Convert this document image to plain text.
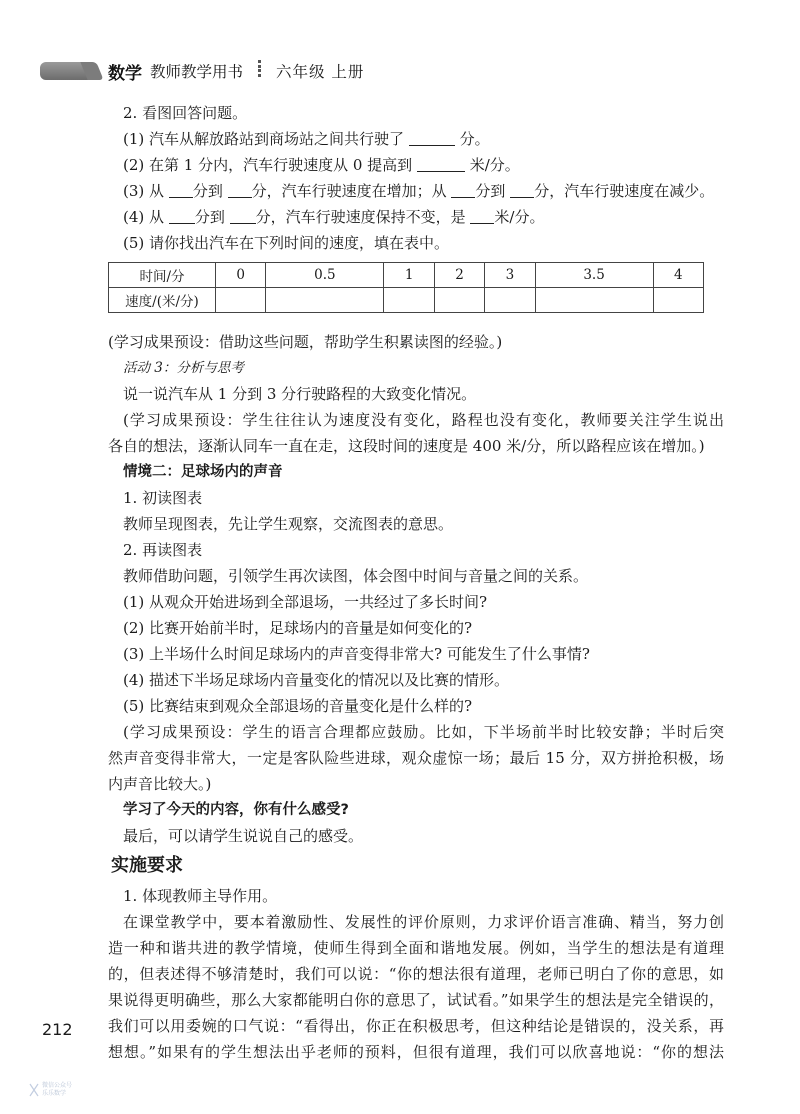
数学 教师教学用书 六年级 上册
2. 看图回答问题。
(1) 汽车从解放路站到商场站之间共行驶了	分。
(2) 在第 1 分内，汽车行驶速度从 0 提高到	米/分。
(3) 从 分到 分，汽车行驶速度在增加；从 分到 分，汽车行驶速度在减少。
(4) 从 分到 分，汽车行驶速度保持不变，是 米/分。
(5) 请你找出汽车在下列时间的速度，填在表中。
时间/分	0	0.5	1	2	3	3.5	4
速度/(米/分)							
(学习成果预设：借助这些问题，帮助学生积累读图的经验。)
活动 3：分析与思考
说一说汽车从 1 分到 3 分行驶路程的大致变化情况。
(学习成果预设：学生往往认为速度没有变化，路程也没有变化，教师要关注学生说出
各自的想法，逐渐认同车一直在走，这段时间的速度是 400 米/分，所以路程应该在增加。)
情境二：足球场内的声音
1. 初读图表
教师呈现图表，先让学生观察，交流图表的意思。
2. 再读图表
教师借助问题，引领学生再次读图，体会图中时间与音量之间的关系。
(1) 从观众开始进场到全部退场，一共经过了多长时间?
(2) 比赛开始前半时，足球场内的音量是如何变化的?
(3) 上半场什么时间足球场内的声音变得非常大? 可能发生了什么事情?
(4) 描述下半场足球场内音量变化的情况以及比赛的情形。
(5) 比赛结束到观众全部退场的音量变化是什么样的?
(学习成果预设：学生的语言合理都应鼓励。比如，下半场前半时比较安静；半时后突
然声音变得非常大，一定是客队险些进球，观众虚惊一场；最后 15 分，双方拼抢积极，场
内声音比较大。)
学习了今天的内容，你有什么感受?
最后，可以请学生说说自己的感受。
实施要求
1. 体现教师主导作用。
在课堂教学中，要本着激励性、发展性的评价原则，力求评价语言准确、精当，努力创
造一种和谐共进的教学情境，使师生得到全面和谐地发展。例如，当学生的想法是有道理
的，但表述得不够清楚时，我们可以说：“你的想法很有道理，老师已明白了你的意思，如
果说得更明确些，那么大家都能明白你的意思了，试试看。”如果学生的想法是完全错误的，
我们可以用委婉的口气说：“看得出，你正在积极思考，但这种结论是错误的，没关系，再
想想。”如果有的学生想法出乎老师的预料，但很有道理，我们可以欣喜地说：“你的想法
212
微信公众号
乐乐数学
